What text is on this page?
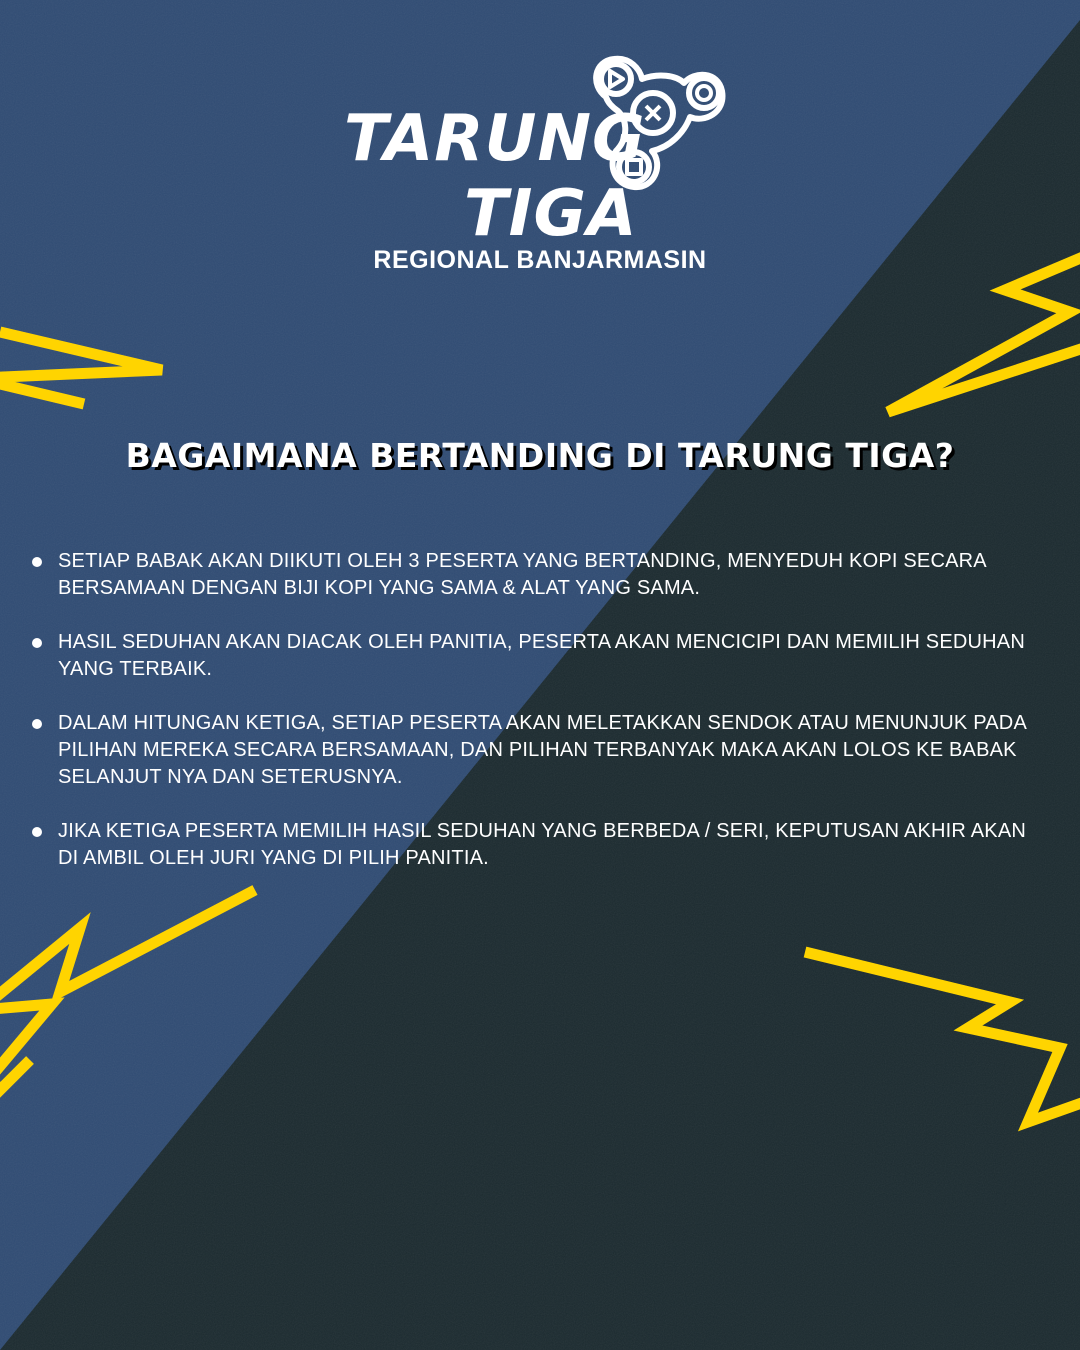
TARUNG
TIGA
REGIONAL BANJARMASIN
BAGAIMANA BERTANDING DI TARUNG TIGA?
SETIAP BABAK AKAN DIIKUTI OLEH 3 PESERTA YANG BERTANDING, MENYEDUH KOPI SECARA BERSAMAAN DENGAN BIJI KOPI YANG SAMA & ALAT YANG SAMA.
HASIL SEDUHAN AKAN DIACAK OLEH PANITIA, PESERTA AKAN MENCICIPI DAN MEMILIH SEDUHAN YANG TERBAIK.
DALAM HITUNGAN KETIGA, SETIAP PESERTA AKAN MELETAKKAN SENDOK ATAU MENUNJUK PADA PILIHAN MEREKA SECARA BERSAMAAN, DAN PILIHAN TERBANYAK MAKA AKAN LOLOS KE BABAK SELANJUT NYA DAN SETERUSNYA.
JIKA KETIGA PESERTA MEMILIH HASIL SEDUHAN YANG BERBEDA / SERI, KEPUTUSAN AKHIR AKAN DI AMBIL OLEH JURI YANG DI PILIH PANITIA.
